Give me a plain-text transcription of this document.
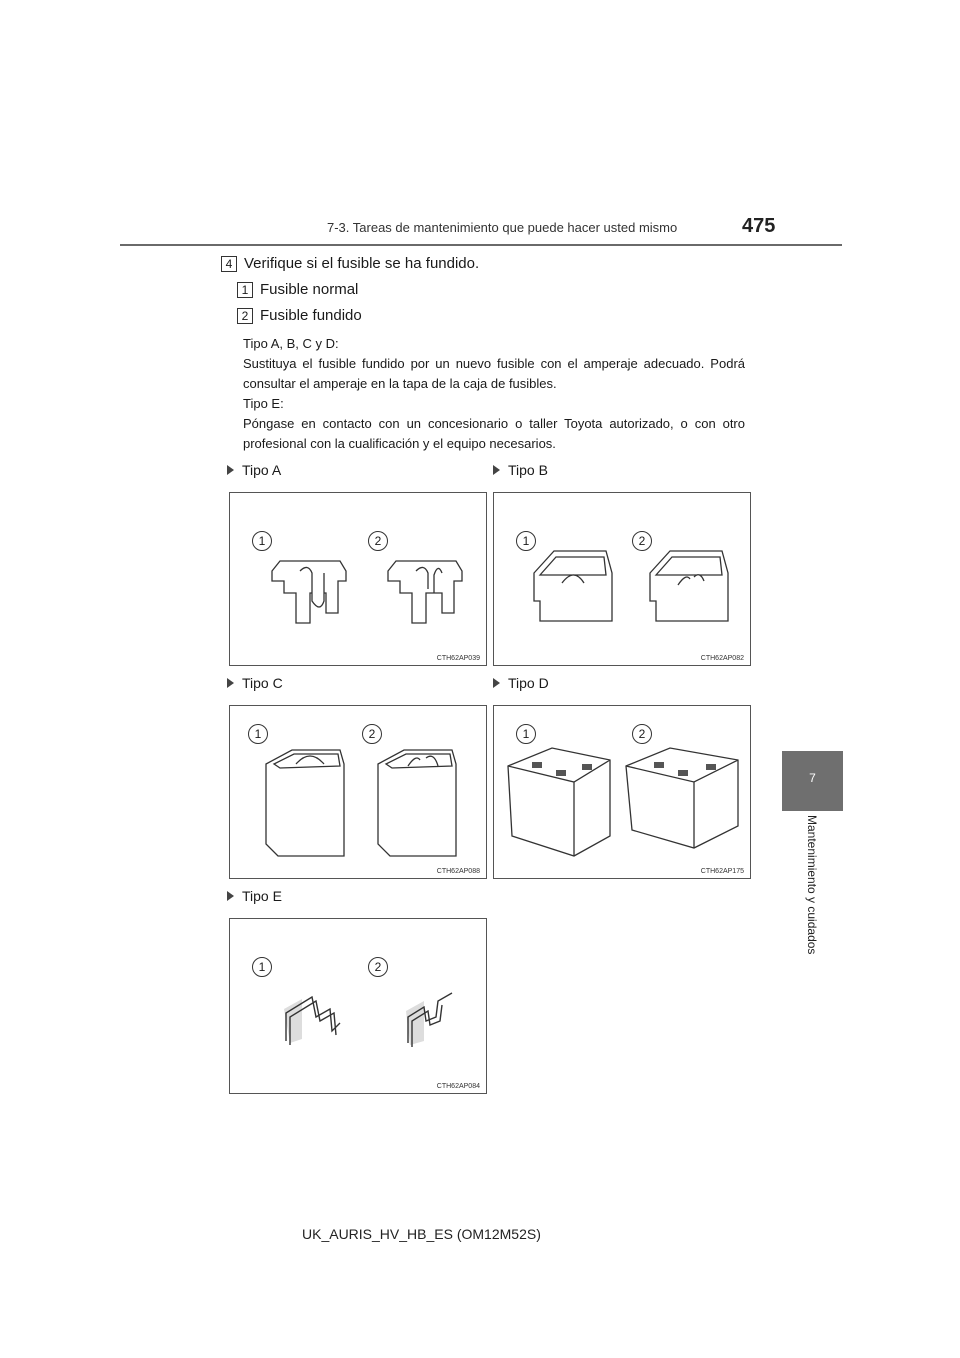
7-3. Tareas de mantenimiento que puede hacer usted mismo	475
7
Mantenimiento y cuidados
4 Verifique si el fusible se ha fundido.
1 Fusible normal
2 Fusible fundido
Tipo A, B, C y D:
Sustituya el fusible fundido por un nuevo fusible con el amperaje adecuado. Podrá consultar el amperaje en la tapa de la caja de fusibles.
Tipo E:
Póngase en contacto con un concesionario o taller Toyota autorizado, o con otro profesional con la cualificación y el equipo necesarios.
Tipo A	Tipo B
Tipo C	Tipo D
Tipo E
1	2
CTH62AP039
1	2
CTH62AP082
1	2
CTH62AP088
1	2
CTH62AP175
1	2
CTH62AP084
UK_AURIS_HV_HB_ES (OM12M52S)
